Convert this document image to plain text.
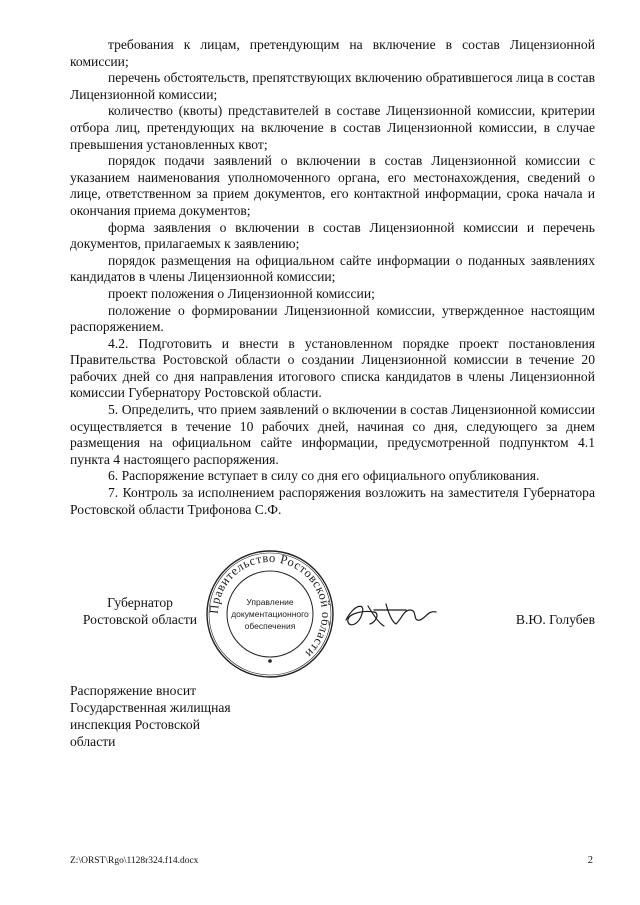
требования к лицам, претендующим на включение в состав Лицензионной комиссии;

перечень обстоятельств, препятствующих включению обратившегося лица в состав Лицензионной комиссии;

количество (квоты) представителей в составе Лицензионной комиссии, критерии отбора лиц, претендующих на включение в состав Лицензионной комиссии, в случае превышения установленных квот;

порядок подачи заявлений о включении в состав Лицензионной комиссии с указанием наименования уполномоченного органа, его местонахождения, сведений о лице, ответственном за прием документов, его контактной информации, срока начала и окончания приема документов;

форма заявления о включении в состав Лицензионной комиссии и перечень документов, прилагаемых к заявлению;

порядок размещения на официальном сайте информации о поданных заявлениях кандидатов в члены Лицензионной комиссии;

проект положения о Лицензионной комиссии;

положение о формировании Лицензионной комиссии, утвержденное настоящим распоряжением.

4.2. Подготовить и внести в установленном порядке проект постановления Правительства Ростовской области о создании Лицензионной комиссии в течение 20 рабочих дней со дня направления итогового списка кандидатов в члены Лицензионной комиссии Губернатору Ростовской области.

5. Определить, что прием заявлений о включении в состав Лицензионной комиссии осуществляется в течение 10 рабочих дней, начиная со дня, следующего за днем размещения на официальном сайте информации, предусмотренной подпунктом 4.1 пункта 4 настоящего распоряжения.

6. Распоряжение вступает в силу со дня его официального опубликования.

7. Контроль за исполнением распоряжения возложить на заместителя Губернатора Ростовской области Трифонова С.Ф.

Губернатор
Ростовской области
Правительство Ростовской области
Управление
документационного
обеспечения	В.Ю. Голубев
Распоряжение вносит
Государственная жилищная
инспекция Ростовской
области
Z:\ORST\Rgo\1128r324.f14.docx	2
